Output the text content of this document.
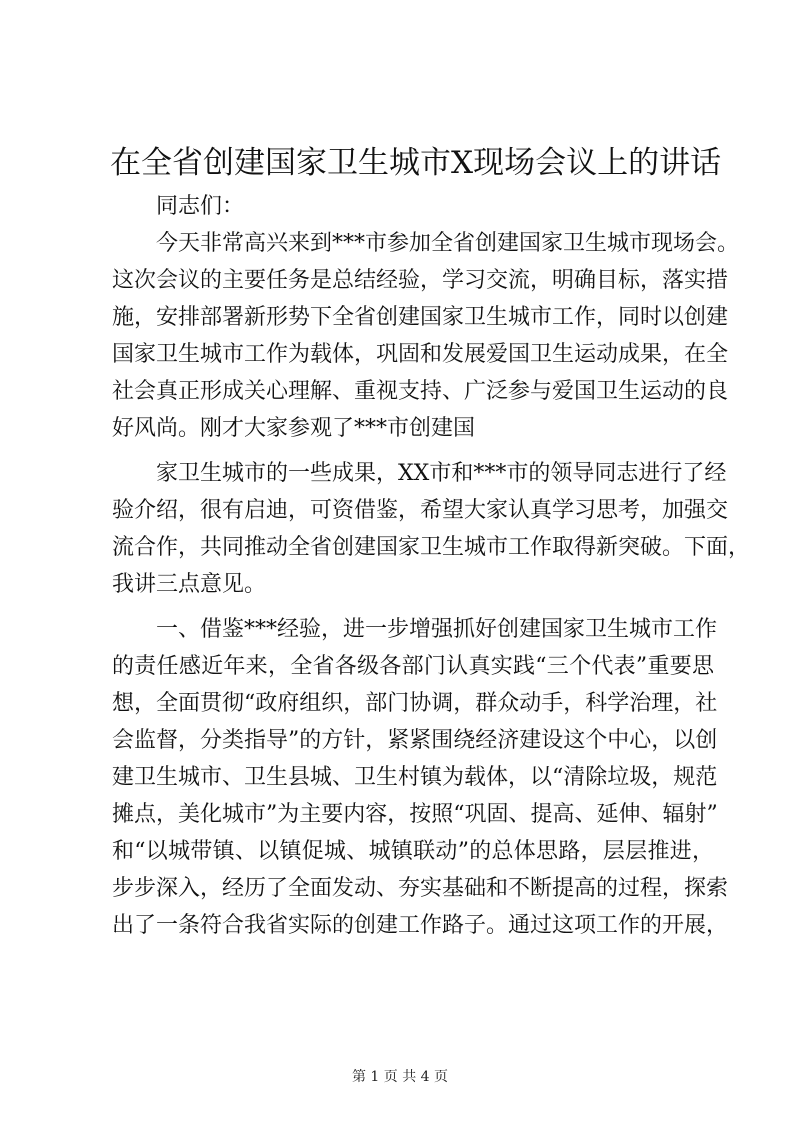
在全省创建国家卫生城市X现场会议上的讲话
同志们：
今天非常高兴来到***市参加全省创建国家卫生城市现场会。
这次会议的主要任务是总结经验，学习交流，明确目标，落实措
施，安排部署新形势下全省创建国家卫生城市工作，同时以创建
国家卫生城市工作为载体，巩固和发展爱国卫生运动成果，在全
社会真正形成关心理解、重视支持、广泛参与爱国卫生运动的良
好风尚。刚才大家参观了***市创建国
家卫生城市的一些成果，XX市和***市的领导同志进行了经
验介绍，很有启迪，可资借鉴，希望大家认真学习思考，加强交
流合作，共同推动全省创建国家卫生城市工作取得新突破。下面，
我讲三点意见。
一、借鉴***经验，进一步增强抓好创建国家卫生城市工作
的责任感近年来，全省各级各部门认真实践“三个代表”重要思
想，全面贯彻“政府组织，部门协调，群众动手，科学治理，社
会监督，分类指导”的方针，紧紧围绕经济建设这个中心，以创
建卫生城市、卫生县城、卫生村镇为载体，以“清除垃圾，规范
摊点，美化城市”为主要内容，按照“巩固、提高、延伸、辐射”
和“以城带镇、以镇促城、城镇联动”的总体思路，层层推进，
步步深入，经历了全面发动、夯实基础和不断提高的过程，探索
出了一条符合我省实际的创建工作路子。通过这项工作的开展，
第 1 页 共 4 页
